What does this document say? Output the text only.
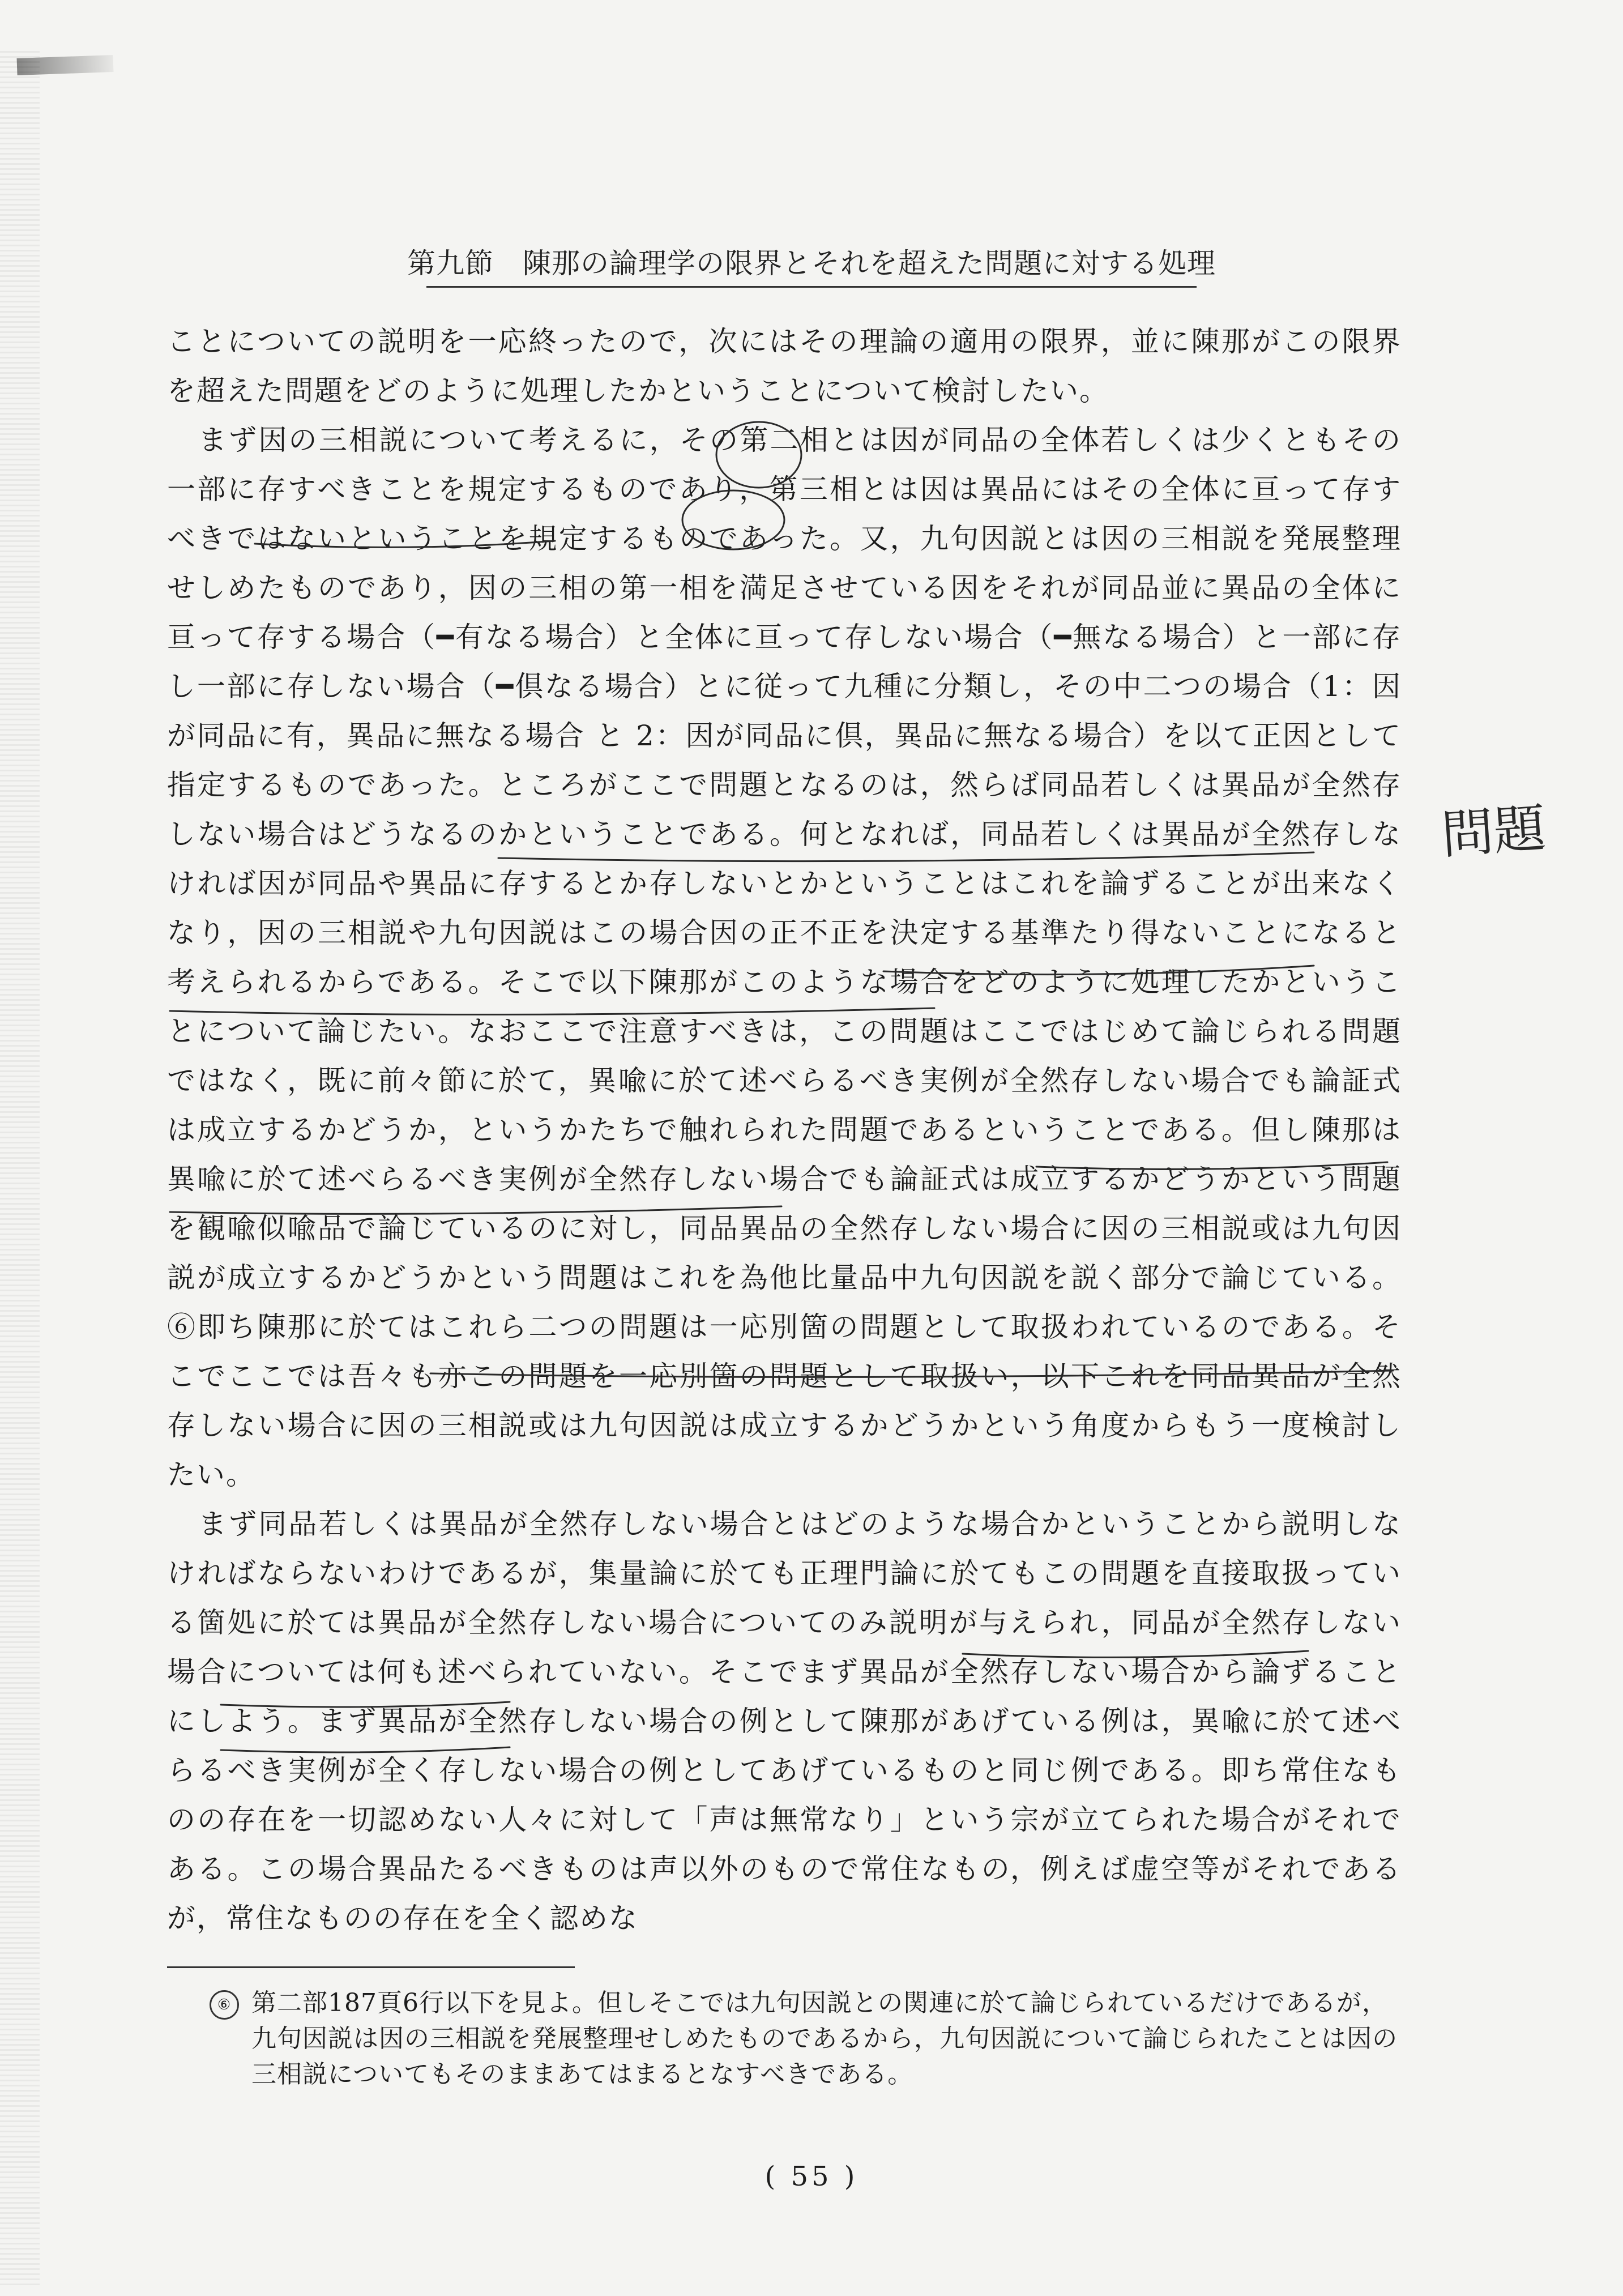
第九節　陳那の論理学の限界とそれを超えた問題に対する処理

ことについての説明を一応終ったので，次にはその理論の適用の限界，並に陳那がこの限界を超えた問題をどのように処理したかということについて検討したい。

まず因の三相説について考えるに，その第二相とは因が同品の全体若しくは少くともその一部に存すべきことを規定するものであり，第三相とは因は異品にはその全体に亘って存すべきではないということを規定するものであった。又，九句因説とは因の三相説を発展整理せしめたものであり，因の三相の第一相を満足させている因をそれが同品並に異品の全体に亘って存する場合（━有なる場合）と全体に亘って存しない場合（━無なる場合）と一部に存し一部に存しない場合（━倶なる場合）とに従って九種に分類し，その中二つの場合（1：因が同品に有，異品に無なる場合 と 2：因が同品に倶，異品に無なる場合）を以て正因として指定するものであった。ところがここで問題となるのは，然らば同品若しくは異品が全然存しない場合はどうなるのかということである。何となれば，同品若しくは異品が全然存しなければ因が同品や異品に存するとか存しないとかということはこれを論ずることが出来なくなり，因の三相説や九句因説はこの場合因の正不正を決定する基準たり得ないことになると考えられるからである。そこで以下陳那がこのような場合をどのように処理したかということについて論じたい。なおここで注意すべきは，この問題はここではじめて論じられる問題ではなく，既に前々節に於て，異喩に於て述べらるべき実例が全然存しない場合でも論証式は成立するかどうか，というかたちで触れられた問題であるということである。但し陳那は異喩に於て述べらるべき実例が全然存しない場合でも論証式は成立するかどうかという問題を観喩似喩品で論じているのに対し，同品異品の全然存しない場合に因の三相説或は九句因説が成立するかどうかという問題はこれを為他比量品中九句因説を説く部分で論じている。⑥即ち陳那に於てはこれら二つの問題は一応別箇の問題として取扱われているのである。そこでここでは吾々も亦この問題を一応別箇の問題として取扱い，以下これを同品異品が全然存しない場合に因の三相説或は九句因説は成立するかどうかという角度からもう一度検討したい。

まず同品若しくは異品が全然存しない場合とはどのような場合かということから説明しなければならないわけであるが，集量論に於ても正理門論に於てもこの問題を直接取扱っている箇処に於ては異品が全然存しない場合についてのみ説明が与えられ，同品が全然存しない場合については何も述べられていない。そこでまず異品が全然存しない場合から論ずることにしよう。まず異品が全然存しない場合の例として陳那があげている例は，異喩に於て述べらるべき実例が全く存しない場合の例としてあげているものと同じ例である。即ち常住なものの存在を一切認めない人々に対して「声は無常なり」という宗が立てられた場合がそれである。この場合異品たるべきものは声以外のもので常住なもの，例えば虚空等がそれであるが，常住なものの存在を全く認めな

問題
⑥ 第二部187頁6行以下を見よ。但しそこでは九句因説との関連に於て論じられているだけであるが，
九句因説は因の三相説を発展整理せしめたものであるから，九句因説について論じられたことは因の
三相説についてもそのままあてはまるとなすべきである。
( 55 )
